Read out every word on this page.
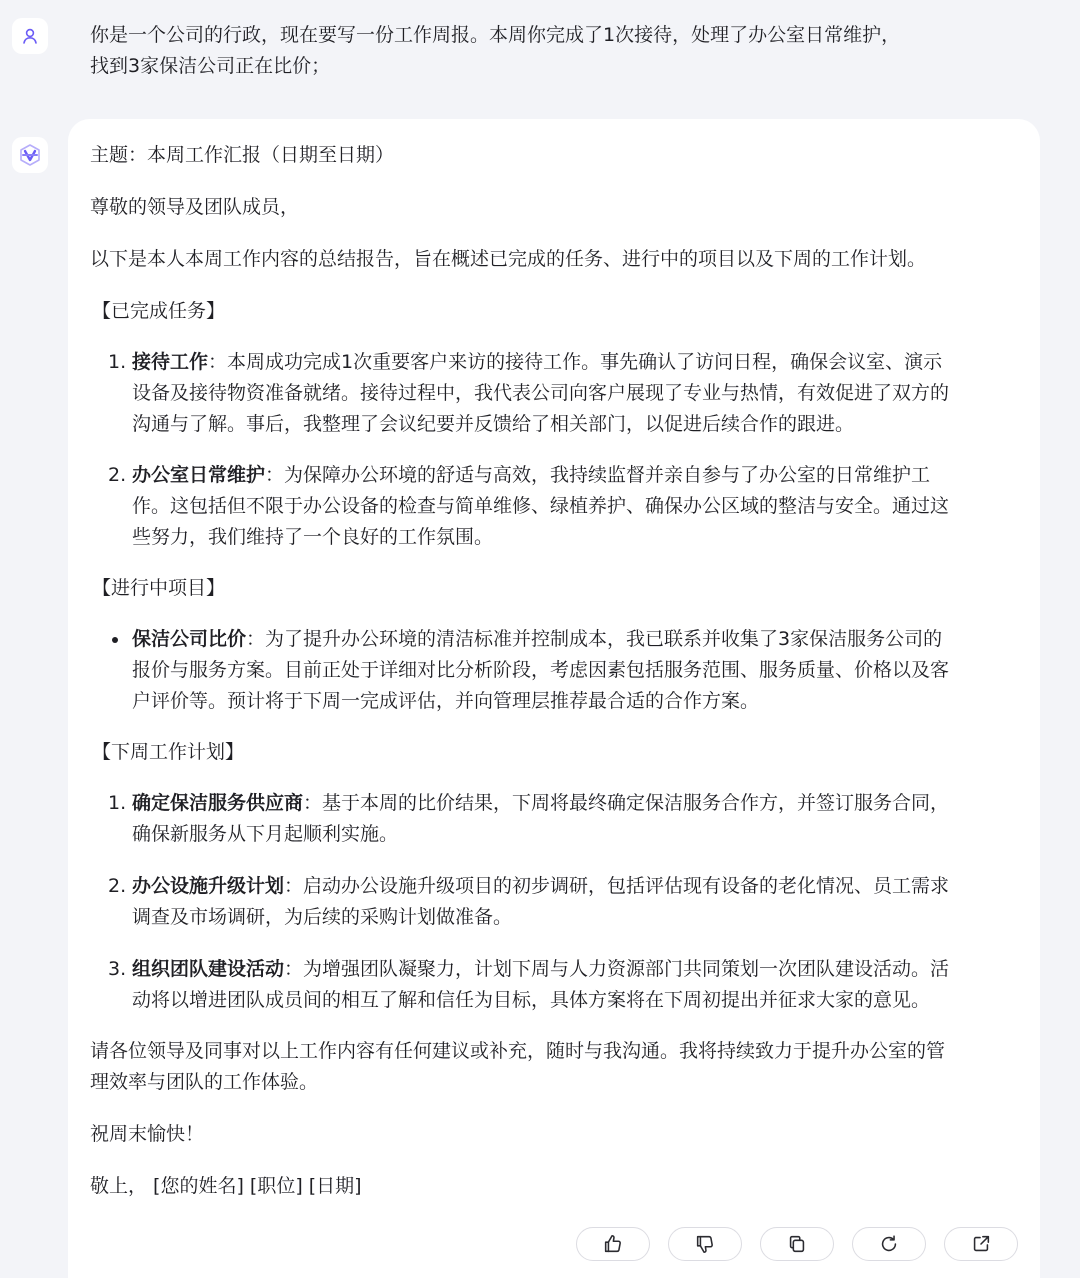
你是一个公司的行政，现在要写一份工作周报。本周你完成了1次接待，处理了办公室日常维护，
找到3家保洁公司正在比价；

主题：本周工作汇报（日期至日期）

尊敬的领导及团队成员，

以下是本人本周工作内容的总结报告，旨在概述已完成的任务、进行中的项目以及下周的工作计划。

【已完成任务】

1. 接待工作：本周成功完成1次重要客户来访的接待工作。事先确认了访问日程，确保会议室、演示
设备及接待物资准备就绪。接待过程中，我代表公司向客户展现了专业与热情，有效促进了双方的
沟通与了解。事后，我整理了会议纪要并反馈给了相关部门，以促进后续合作的跟进。
2. 办公室日常维护：为保障办公环境的舒适与高效，我持续监督并亲自参与了办公室的日常维护工
作。这包括但不限于办公设备的检查与简单维修、绿植养护、确保办公区域的整洁与安全。通过这
些努力，我们维持了一个良好的工作氛围。

【进行中项目】

保洁公司比价：为了提升办公环境的清洁标准并控制成本，我已联系并收集了3家保洁服务公司的
报价与服务方案。目前正处于详细对比分析阶段，考虑因素包括服务范围、服务质量、价格以及客
户评价等。预计将于下周一完成评估，并向管理层推荐最合适的合作方案。

【下周工作计划】

1. 确定保洁服务供应商：基于本周的比价结果，下周将最终确定保洁服务合作方，并签订服务合同，
确保新服务从下月起顺利实施。
2. 办公设施升级计划：启动办公设施升级项目的初步调研，包括评估现有设备的老化情况、员工需求
调查及市场调研，为后续的采购计划做准备。
3. 组织团队建设活动：为增强团队凝聚力，计划下周与人力资源部门共同策划一次团队建设活动。活
动将以增进团队成员间的相互了解和信任为目标，具体方案将在下周初提出并征求大家的意见。

请各位领导及同事对以上工作内容有任何建议或补充，随时与我沟通。我将持续致力于提升办公室的管
理效率与团队的工作体验。

祝周末愉快！

敬上， [您的姓名] [职位] [日期]
